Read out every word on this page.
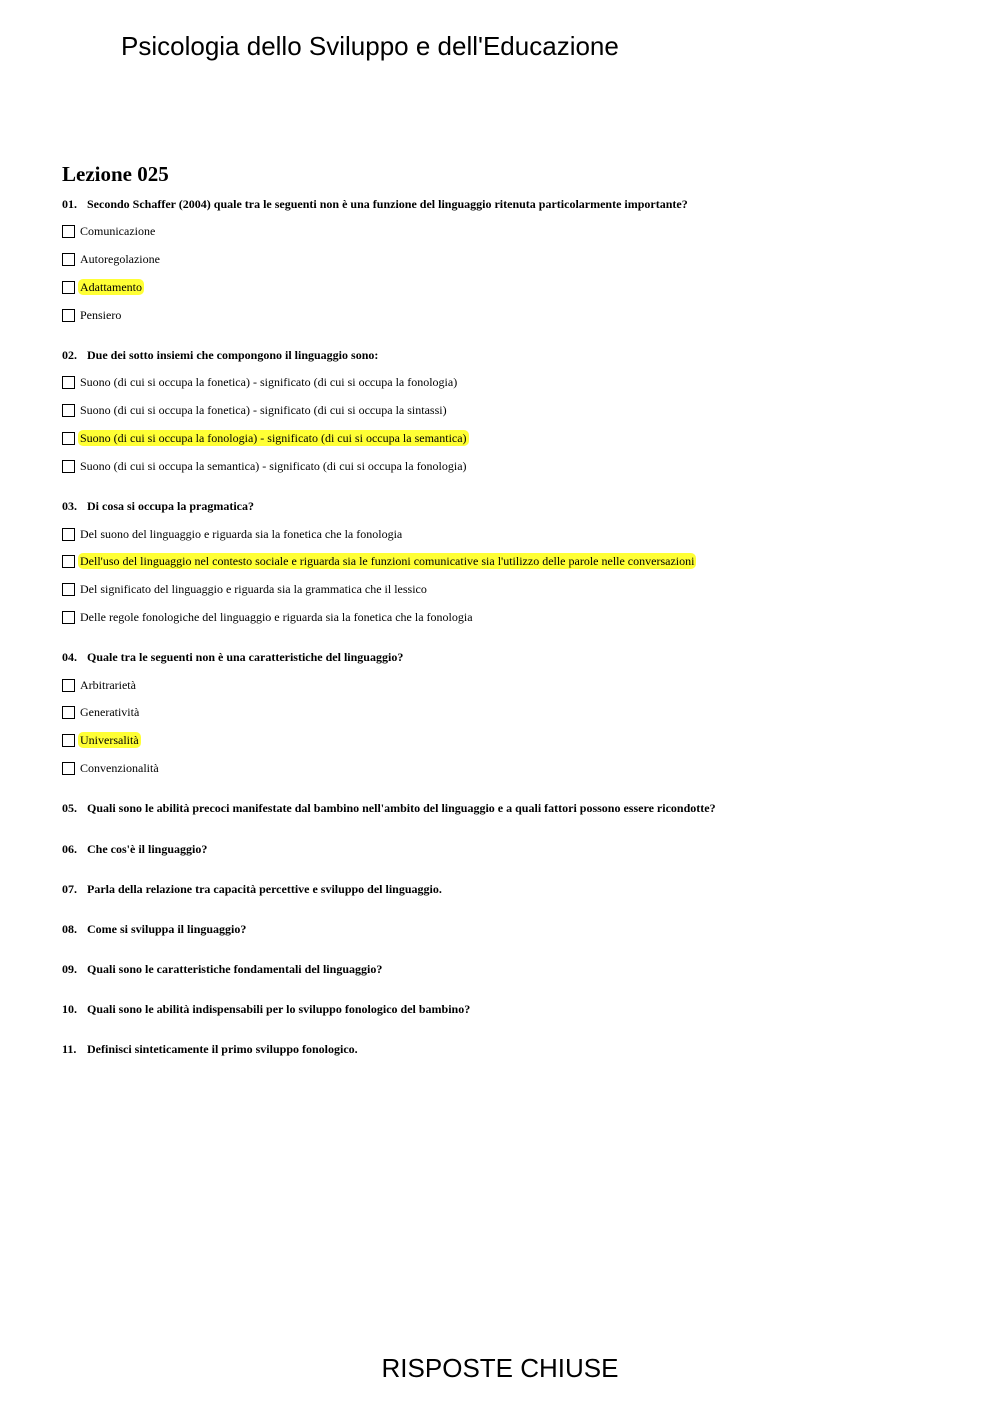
Psicologia dello Sviluppo e dell'Educazione
Lezione 025
01. Secondo Schaffer (2004) quale tra le seguenti non è una funzione del linguaggio ritenuta particolarmente importante?
Comunicazione
Autoregolazione
Adattamento
Pensiero
02. Due dei sotto insiemi che compongono il linguaggio sono:
Suono (di cui si occupa la fonetica) - significato (di cui si occupa la fonologia)
Suono (di cui si occupa la fonetica) - significato (di cui si occupa la sintassi)
Suono (di cui si occupa la fonologia) - significato (di cui si occupa la semantica)
Suono (di cui si occupa la semantica) - significato (di cui si occupa la fonologia)
03. Di cosa si occupa la pragmatica?
Del suono del linguaggio e riguarda sia la fonetica che la fonologia
Dell'uso del linguaggio nel contesto sociale e riguarda sia le funzioni comunicative sia l'utilizzo delle parole nelle conversazioni
Del significato del linguaggio e riguarda sia la grammatica che il lessico
Delle regole fonologiche del linguaggio e riguarda sia la fonetica che la fonologia
04. Quale tra le seguenti non è una caratteristiche del linguaggio?
Arbitrarietà
Generatività
Universalità
Convenzionalità
05. Quali sono le abilità precoci manifestate dal bambino nell'ambito del linguaggio e a quali fattori possono essere ricondotte?
06. Che cos'è il linguaggio?
07. Parla della relazione tra capacità percettive e sviluppo del linguaggio.
08. Come si sviluppa il linguaggio?
09. Quali sono le caratteristiche fondamentali del linguaggio?
10. Quali sono le abilità indispensabili per lo sviluppo fonologico del bambino?
11. Definisci sinteticamente il primo sviluppo fonologico.
RISPOSTE CHIUSE
